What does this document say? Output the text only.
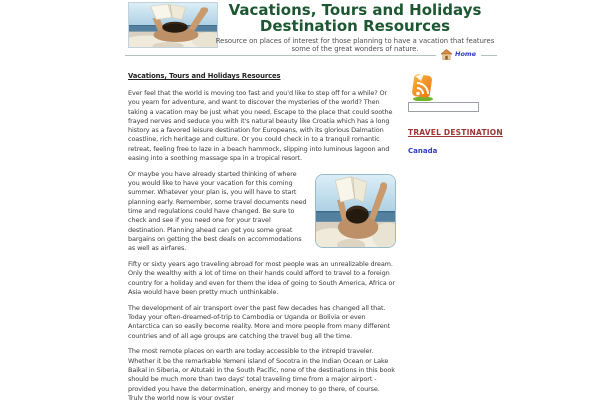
Vacations, Tours and Holidays
Destination Resources
Resource on places of interest for those planning to have a vacation that features some of the great wonders of nature.
Home
Vacations, Tours and Holidays Resources

Ever feel that the world is moving too fast and you'd like to step off for a while? Or you yearn for adventure, and want to discover the mysteries of the world? Then taking a vacation may be just what you need. Escape to the place that could soothe frayed nerves and seduce you with it's natural beauty like Croatia which has a long history as a favored leisure destination for Europeans, with its glorious Dalmation coastline, rich heritage and culture. Or you could check in to a tranquil romantic retreat, feeling free to laze in a beach hammock, slipping into luminous lagoon and easing into a soothing massage spa in a tropical resort.

Or maybe you have already started thinking of where you would like to have your vacation for this coming summer. Whatever your plan is, you will have to start planning early. Remember, some travel documents need time and regulations could have changed. Be sure to check and see if you need one for your travel destination. Planning ahead can get you some great bargains on getting the best deals on accommodations as well as airfares.

Fifty or sixty years ago traveling abroad for most people was an unrealizable dream. Only the wealthy with a lot of time on their hands could afford to travel to a foreign country for a holiday and even for them the idea of going to South America, Africa or Asia would have been pretty much unthinkable.

The development of air transport over the past few decades has changed all that. Today your often-dreamed-of-trip to Cambodia or Uganda or Bolivia or even Antarctica can so easily become reality. More and more people from many different countries and of all age groups are catching the travel bug all the time.

The most remote places on earth are today accessible to the intrepid traveler. Whether it be the remarkable Yemeni island of Socotra in the Indian Ocean or Lake Baikal in Siberia, or Aitutaki in the South Pacific, none of the destinations in this book should be much more than two days' total traveling time from a major airport - provided you have the determination, energy and money to go there, of course. Truly the world now is your oyster

TRAVEL DESTINATION
Canada
